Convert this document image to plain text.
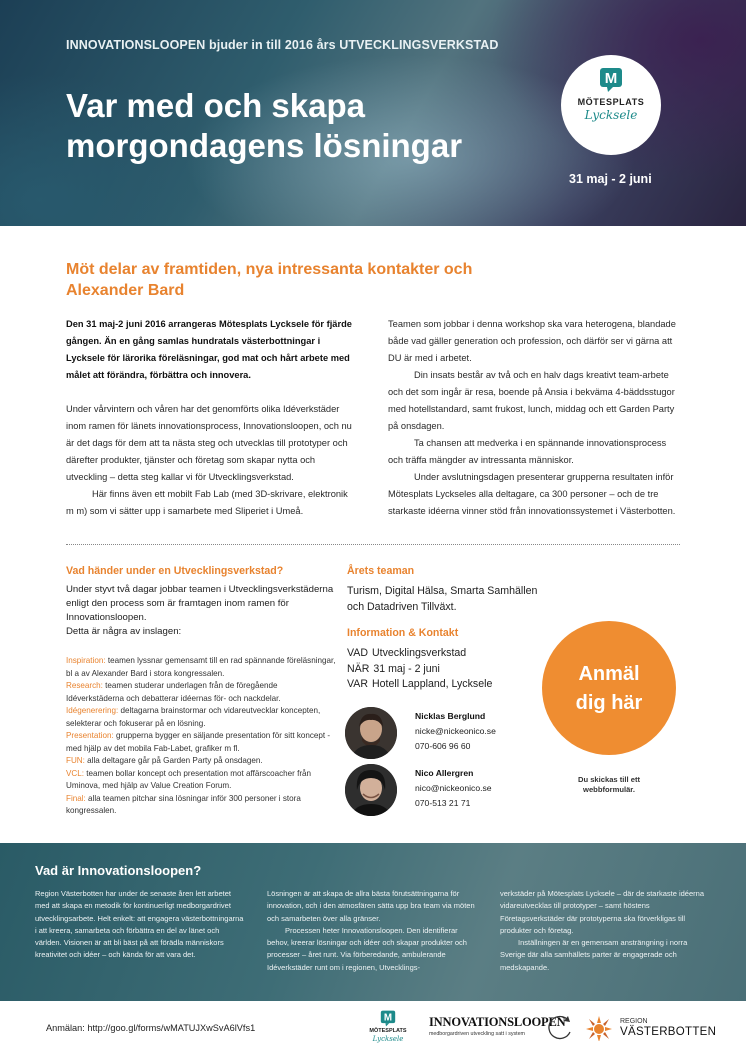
INNOVATIONSLOOPEN bjuder in till 2016 års UTVECKLINGSVERKSTAD
Var med och skapa
morgondagens lösningar
M
MÖTESPLATS
Lycksele
31 maj - 2 juni
Möt delar av framtiden, nya intressanta kontakter och Alexander Bard

Den 31 maj-2 juni 2016 arrangeras Mötesplats Lycksele för fjärde gången. Än en gång samlas hundratals västerbottningar i Lycksele för lärorika föreläsningar, god mat och hårt arbete med målet att förändra, förbättra och innovera.

Under vårvintern och våren har det genomförts olika Idéverkstäder inom ramen för länets innovationsprocess, Innovationsloopen, och nu är det dags för dem att ta nästa steg och utvecklas till prototyper och därefter produkter, tjänster och företag som skapar nytta och utveckling – detta steg kallar vi för Utvecklingsverkstad.

Här finns även ett mobilt Fab Lab (med 3D-skrivare, elektronik m m) som vi sätter upp i samarbete med Sliperiet i Umeå.

Teamen som jobbar i denna workshop ska vara heterogena, blandade både vad gäller generation och profession, och därför ser vi gärna att DU är med i arbetet.

Din insats består av två och en halv dags kreativt team-arbete och det som ingår är resa, boende på Ansia i bekväma 4-bäddsstugor med hotellstandard, samt frukost, lunch, middag och ett Garden Party på onsdagen.

Ta chansen att medverka i en spännande innovationsprocess och träffa mängder av intressanta människor.

Under avslutningsdagen presenterar grupperna resultaten inför Mötesplats Lyckseles alla deltagare, ca 300 personer – och de tre starkaste idéerna vinner stöd från innovationssystemet i Västerbotten.

Vad händer under en Utvecklingsverkstad?
Under styvt två dagar jobbar teamen i Utvecklingsverkstäderna enligt den process som är framtagen inom ramen för Innovationsloopen.
Detta är några av inslagen:
Inspiration: teamen lyssnar gemensamt till en rad spännande föreläsningar, bl a av Alexander Bard i stora kongressalen.
Research: teamen studerar underlagen från de föregående Idéverkstäderna och debatterar idéernas för- och nackdelar.
Idégenerering: deltagarna brainstormar och vidareutvecklar koncepten, selekterar och fokuserar på en lösning.
Presentation: grupperna bygger en säljande presentation för sitt koncept - med hjälp av det mobila Fab-Labet, grafiker m fl.
FUN: alla deltagare går på Garden Party på onsdagen.
VCL: teamen bollar koncept och presentation mot affärscoacher från Uminova, med hjälp av Value Creation Forum.
Final: alla teamen pitchar sina lösningar inför 300 personer i stora kongressalen.
Årets teaman
Turism, Digital Hälsa, Smarta Samhällen
och Datadriven Tillväxt.
Information & Kontakt
VAD Utvecklingsverkstad
NÄR 31 maj - 2 juni
VAR Hotell Lappland, Lycksele
Nicklas Berglund
nicke@nickeonico.se
070-606 96 60
Nico Allergren
nico@nickeonico.se
070-513 21 71
Anmäl
dig här
Du skickas till ett
webbformulär.
Vad är Innovationsloopen?

Region Västerbotten har under de senaste åren lett arbetet med att skapa en metodik för kontinuerligt medborgardrivet utvecklingsarbete. Helt enkelt: att engagera västerbottningarna i att kreera, samarbeta och förbättra en del av länet och världen. Visionen är att bli bäst på att förädla människors kreativitet och idéer – och kända för att vara det.

Lösningen är att skapa de allra bästa förutsättningarna för innovation, och i den atmosfären sätta upp bra team via möten och samarbeten över alla gränser.

Processen heter Innovationsloopen. Den identifierar behov, kreerar lösningar och idéer och skapar produkter och processer – året runt. Via förberedande, ambulerande Idéverkstäder runt om i regionen, Utvecklings-

verkstäder på Mötesplats Lycksele – där de starkaste idéerna vidareutvecklas till prototyper – samt höstens Företagsverkstäder där prototyperna ska förverkligas till produkter och företag.

Inställningen är en gemensam ansträngning i norra Sverige där alla samhällets parter är engagerade och medskapande.

Anmälan: http://goo.gl/forms/wMATUJXwSvA6lVfs1
M
MÖTESPLATS
Lycksele
INNOVATIONSLOOPEN
medborgardriven utveckling satt i system
REGION
VÄSTERBOTTEN
